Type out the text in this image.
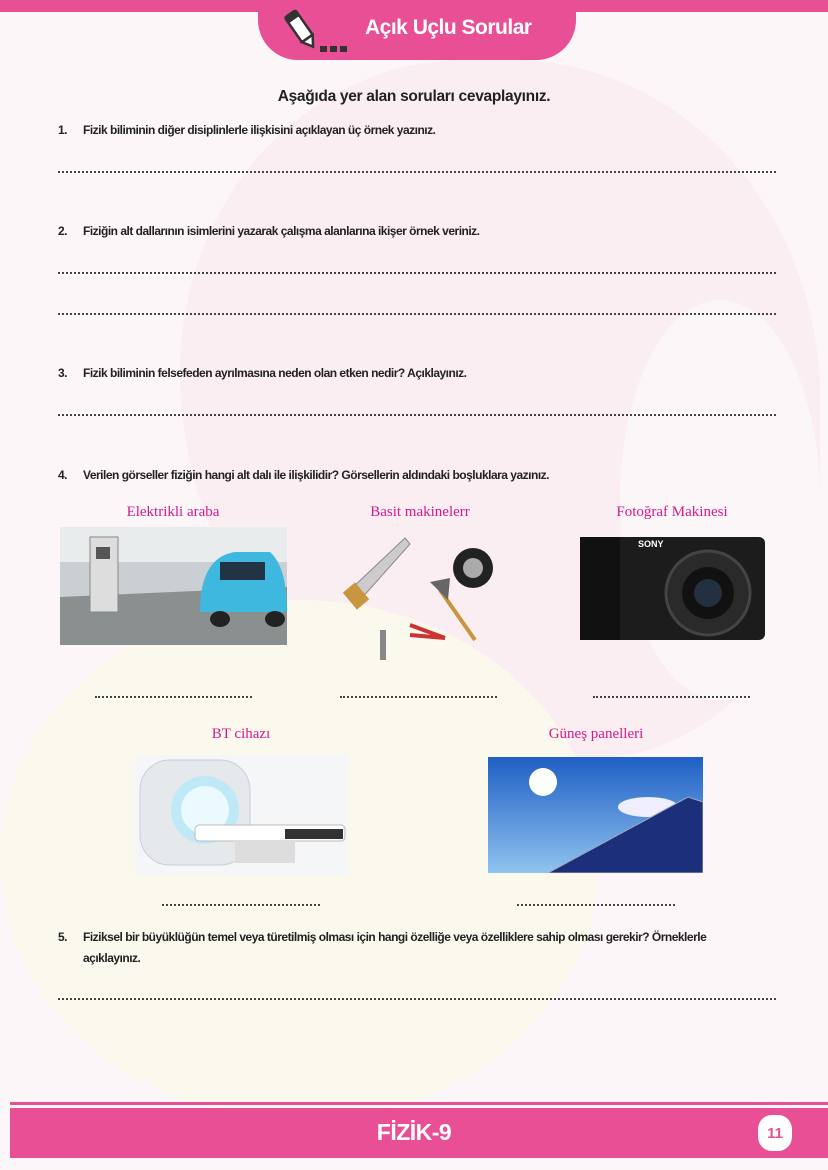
Açık Uçlu Sorular
Aşağıda yer alan soruları cevaplayınız.
1. Fizik biliminin diğer disiplinlerle ilişkisini açıklayan üç örnek yazınız.
2. Fiziğin alt dallarının isimlerini yazarak çalışma alanlarına ikişer örnek veriniz.
3. Fizik biliminin felsefeden ayrılmasına neden olan etken nedir? Açıklayınız.
4. Verilen görseller fiziğin hangi alt dalı ile ilişkilidir? Görsellerin aldındaki boşluklara yazınız.
Elektrikli araba	Basit makinelerr	Fotoğraf Makinesi
SONY
BT cihazı	Güneş panelleri
5. Fiziksel bir büyüklüğün temel veya türetilmiş olması için hangi özelliğe veya özelliklere sahip olması gerekir? Örneklerle
açıklayınız.
FİZİK-9	11
